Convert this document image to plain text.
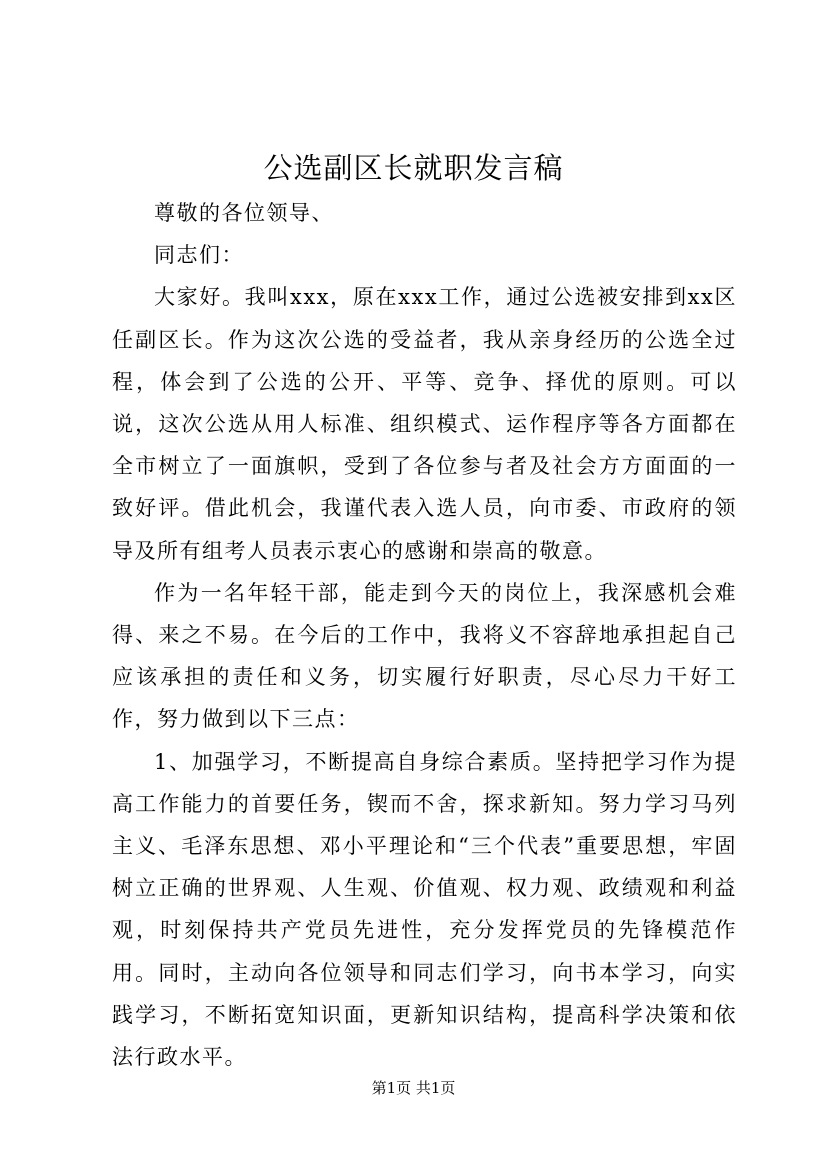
公选副区长就职发言稿

尊敬的各位领导、

同志们：

大家好。我叫xxx，原在xxx工作，通过公选被安排到xx区任副区长。作为这次公选的受益者，我从亲身经历的公选全过程，体会到了公选的公开、平等、竞争、择优的原则。可以说，这次公选从用人标准、组织模式、运作程序等各方面都在全市树立了一面旗帜，受到了各位参与者及社会方方面面的一致好评。借此机会，我谨代表入选人员，向市委、市政府的领导及所有组考人员表示衷心的感谢和崇高的敬意。

作为一名年轻干部，能走到今天的岗位上，我深感机会难得、来之不易。在今后的工作中，我将义不容辞地承担起自己应该承担的责任和义务，切实履行好职责，尽心尽力干好工作，努力做到以下三点：

1、加强学习，不断提高自身综合素质。坚持把学习作为提高工作能力的首要任务，锲而不舍，探求新知。努力学习马列主义、毛泽东思想、邓小平理论和“三个代表”重要思想，牢固树立正确的世界观、人生观、价值观、权力观、政绩观和利益观，时刻保持共产党员先进性，充分发挥党员的先锋模范作用。同时，主动向各位领导和同志们学习，向书本学习，向实践学习，不断拓宽知识面，更新知识结构，提高科学决策和依法行政水平。

第1页 共1页
